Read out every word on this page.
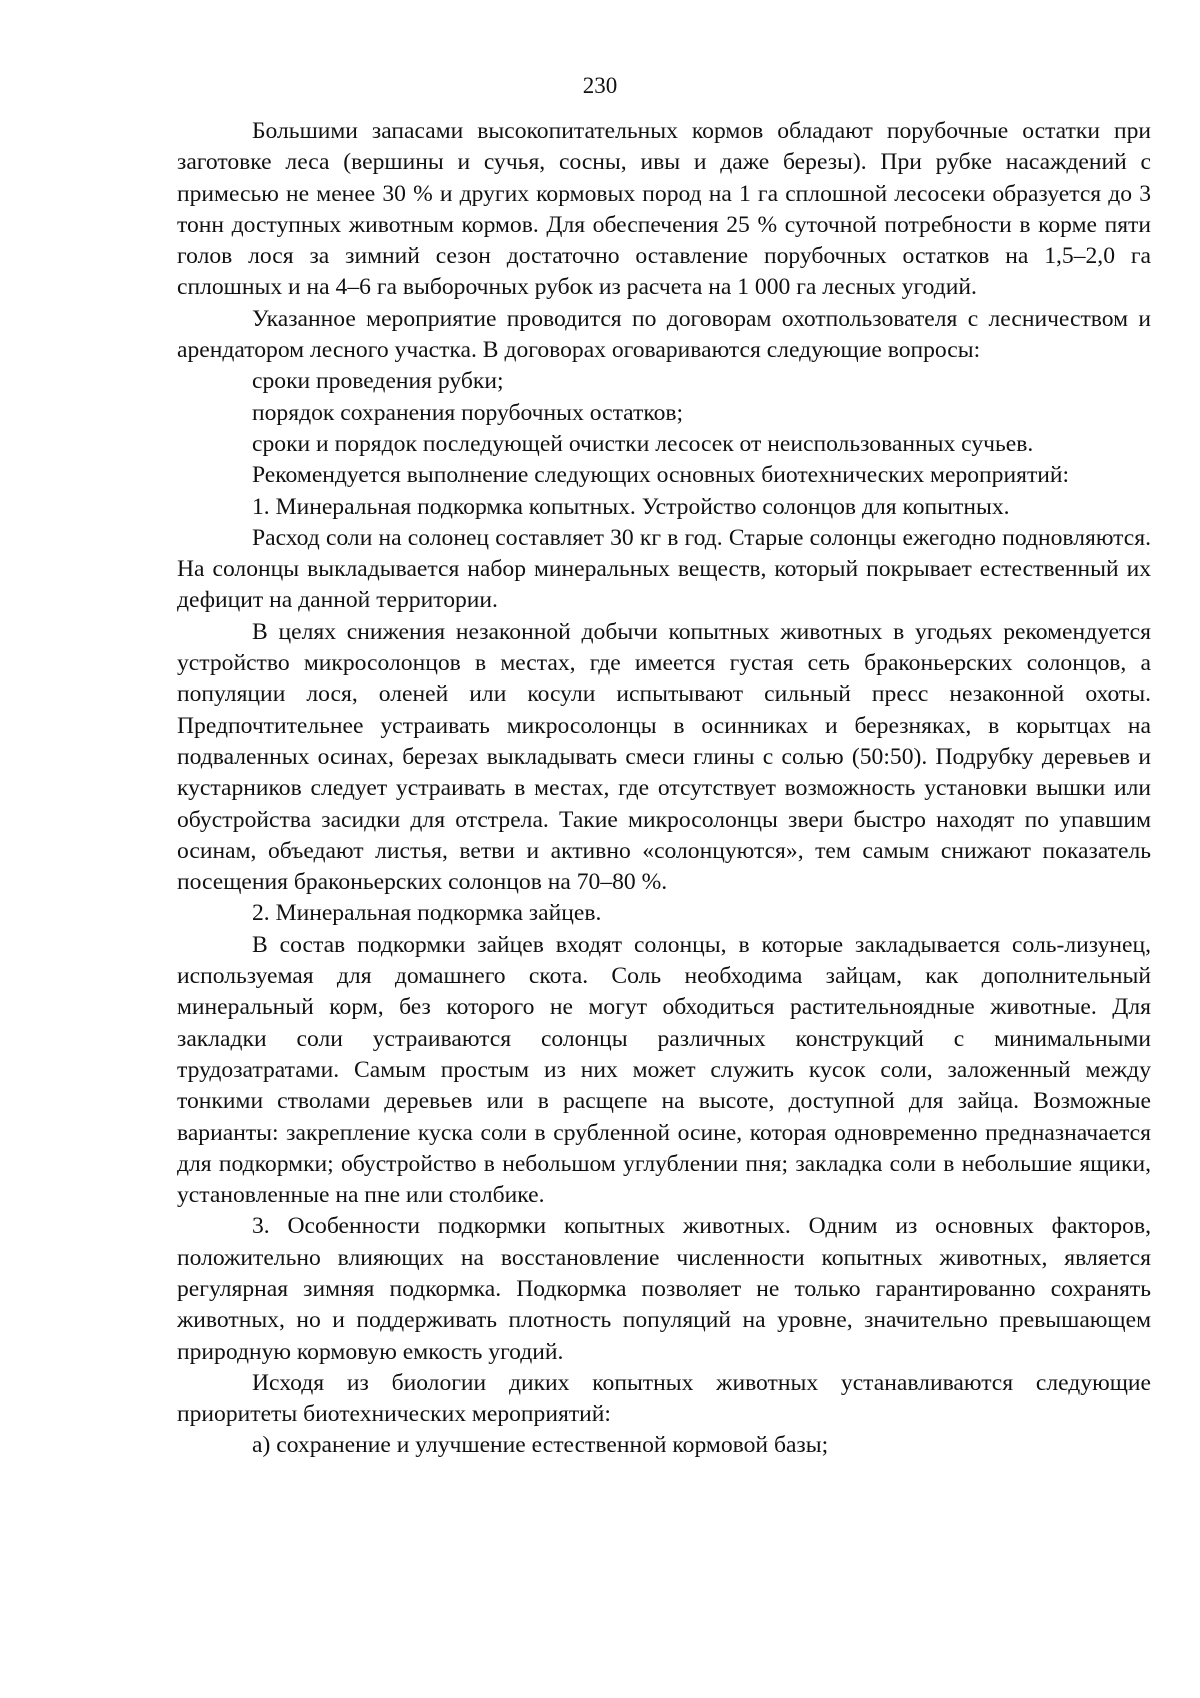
230

Большими запасами высокопитательных кормов обладают порубочные остатки при заготовке леса (вершины и сучья, сосны, ивы и даже березы). При рубке насаждений с примесью не менее 30 % и других кормовых пород на 1 га сплошной лесосеки образуется до 3 тонн доступных животным кормов. Для обеспечения 25 % суточной потребности в корме пяти голов лося за зимний сезон достаточно оставление порубочных остатков на 1,5–2,0 га сплошных и на 4–6 га выборочных рубок из расчета на 1 000 га лесных угодий.

Указанное мероприятие проводится по договорам охотпользователя с лесничеством и арендатором лесного участка. В договорах оговариваются следующие вопросы:

сроки проведения рубки;

порядок сохранения порубочных остатков;

сроки и порядок последующей очистки лесосек от неиспользованных сучьев.

Рекомендуется выполнение следующих основных биотехнических мероприятий:

1. Минеральная подкормка копытных. Устройство солонцов для копытных.

Расход соли на солонец составляет 30 кг в год. Старые солонцы ежегодно подновляются. На солонцы выкладывается набор минеральных веществ, который покрывает естественный их дефицит на данной территории.

В целях снижения незаконной добычи копытных животных в угодьях рекомендуется устройство микросолонцов в местах, где имеется густая сеть браконьерских солонцов, а популяции лося, оленей или косули испытывают сильный пресс незаконной охоты. Предпочтительнее устраивать микросолонцы в осинниках и березняках, в корытцах на подваленных осинах, березах выкладывать смеси глины с солью (50:50). Подрубку деревьев и кустарников следует устраивать в местах, где отсутствует возможность установки вышки или обустройства засидки для отстрела. Такие микросолонцы звери быстро находят по упавшим осинам, объедают листья, ветви и активно «солонцуются», тем самым снижают показатель посещения браконьерских солонцов на 70–80 %.

2. Минеральная подкормка зайцев.

В состав подкормки зайцев входят солонцы, в которые закладывается соль-лизунец, используемая для домашнего скота. Соль необходима зайцам, как дополнительный минеральный корм, без которого не могут обходиться растительноядные животные. Для закладки соли устраиваются солонцы различных конструкций с минимальными трудозатратами. Самым простым из них может служить кусок соли, заложенный между тонкими стволами деревьев или в расщепе на высоте, доступной для зайца. Возможные варианты: закрепление куска соли в срубленной осине, которая одновременно предназначается для подкормки; обустройство в небольшом углублении пня; закладка соли в небольшие ящики, установленные на пне или столбике.

3. Особенности подкормки копытных животных. Одним из основных факторов, положительно влияющих на восстановление численности копытных животных, является регулярная зимняя подкормка. Подкормка позволяет не только гарантированно сохранять животных, но и поддерживать плотность популяций на уровне, значительно превышающем природную кормовую емкость угодий.

Исходя из биологии диких копытных животных устанавливаются следующие приоритеты биотехнических мероприятий:

а) сохранение и улучшение естественной кормовой базы;
